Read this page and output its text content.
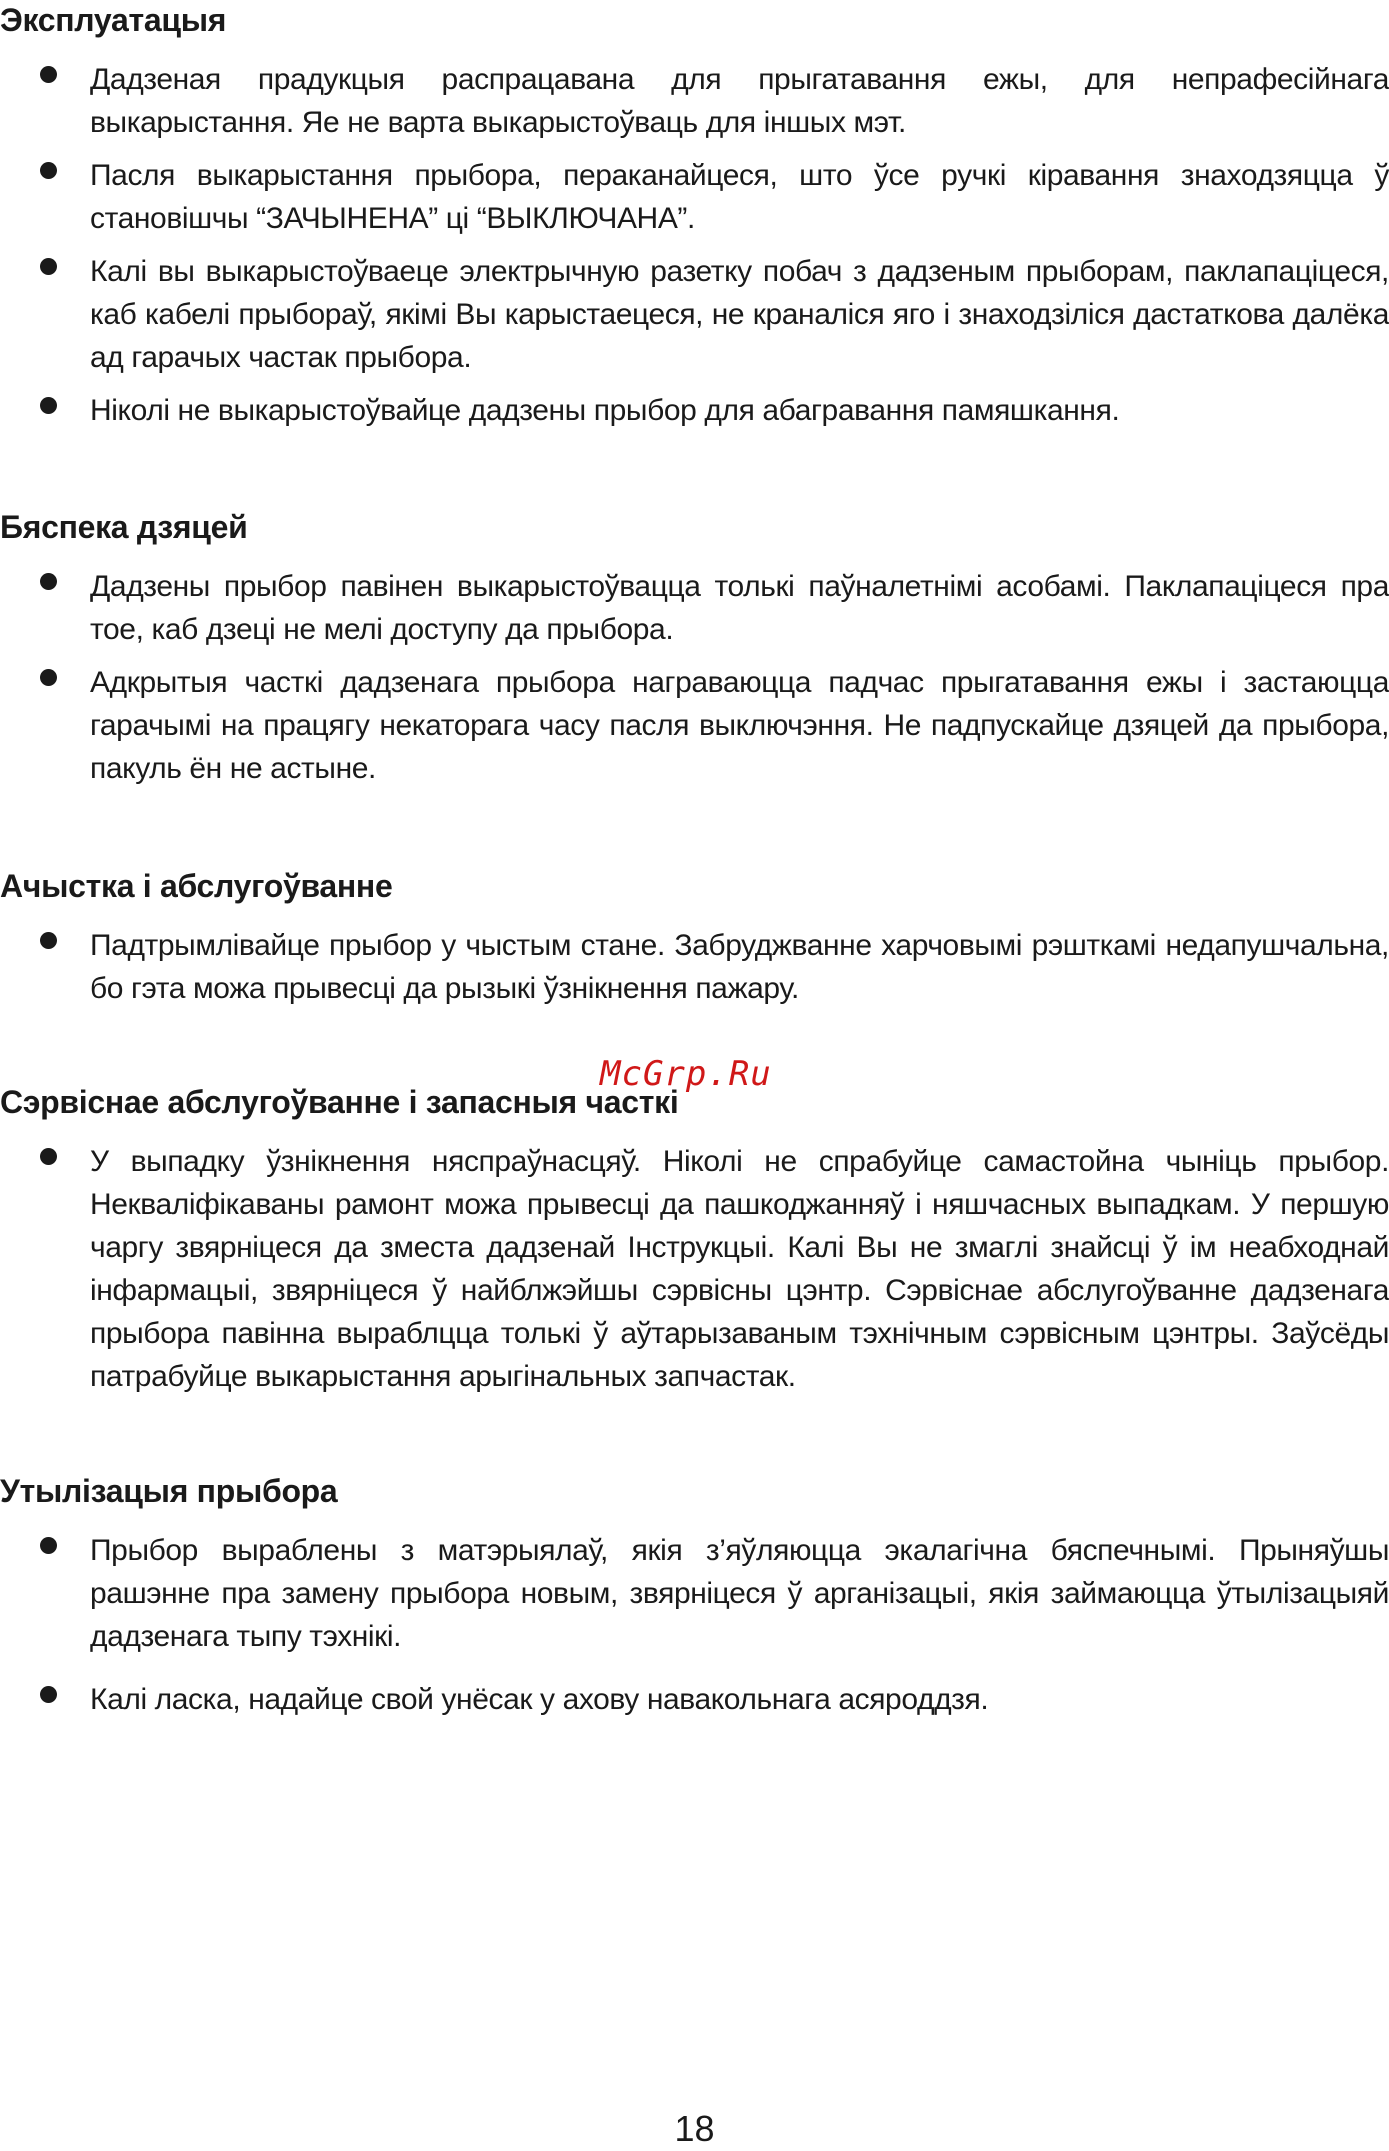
Эксплуатацыя
Дадзеная прадукцыя распрацавана для прыгатавання ежы, для непрафесійнага выкарыстання. Яе не варта выкарыстоўваць для іншых мэт.
Пасля выкарыстання прыбора, пераканайцеся, што ўсе ручкі кіравання знаходзяцца ў становішчы “ЗАЧЫНЕНА” ці “ВЫКЛЮЧАНА”.
Калі вы выкарыстоўваеце электрычную разетку побач з дадзеным прыборам, паклапаціцеся, каб кабелі прыбораў, якімі Вы карыстаецеся, не краналіся яго і знаходзіліся дастаткова далёка ад гарачых частак прыбора.
Ніколі не выкарыстоўвайце дадзены прыбор для абагравання памяшкання.
Бяспека дзяцей
Дадзены прыбор павінен выкарыстоўвацца толькі паўналетнімі асобамі. Паклапаціцеся пра тое, каб дзеці не мелі доступу да прыбора.
Адкрытыя часткі дадзенага прыбора награваюцца падчас прыгатавання ежы і застаюцца гарачымі на працягу некаторага часу пасля выключэння. Не падпускайце дзяцей да прыбора, пакуль ён не астыне.
Ачыстка і абслугоўванне
Падтрымлівайце прыбор у чыстым стане. Забруджванне харчовымі рэшткамі недапушчальна, бо гэта можа прывесці да рызыкі ўзнікнення пажару.
Сэрвіснае абслугоўванне і запасныя часткі
У выпадку ўзнікнення няспраўнасцяў. Ніколі не спрабуйце самастойна чыніць прыбор. Некваліфікаваны рамонт можа прывесці да пашкоджанняў і няшчасных выпадкам. У першую чаргу звярніцеся да зместа дадзенай Інструкцыі. Калі Вы не змаглі знайсці ў ім неабходнай інфармацыі, звярніцеся ў найблжэйшы сэрвісны цэнтр. Сэрвіснае абслугоўванне дадзенага прыбора павінна выраблцца толькі ў аўтарызаваным тэхнічным сэрвісным цэнтры. Заўсёды патрабуйце выкарыстання арыгінальных запчастак.
Утылізацыя прыбора
Прыбор выраблены з матэрыялаў, якія з’яўляюцца экалагічна бяспечнымі. Прыняўшы рашэнне пра замену прыбора новым, звярніцеся ў арганізацыі, якія займаюцца ўтылізацыяй дадзенага тыпу тэхнікі.
Калі ласка, надайце свой унёсак у ахову навакольнага асяроддзя.
McGrp.Ru
18
